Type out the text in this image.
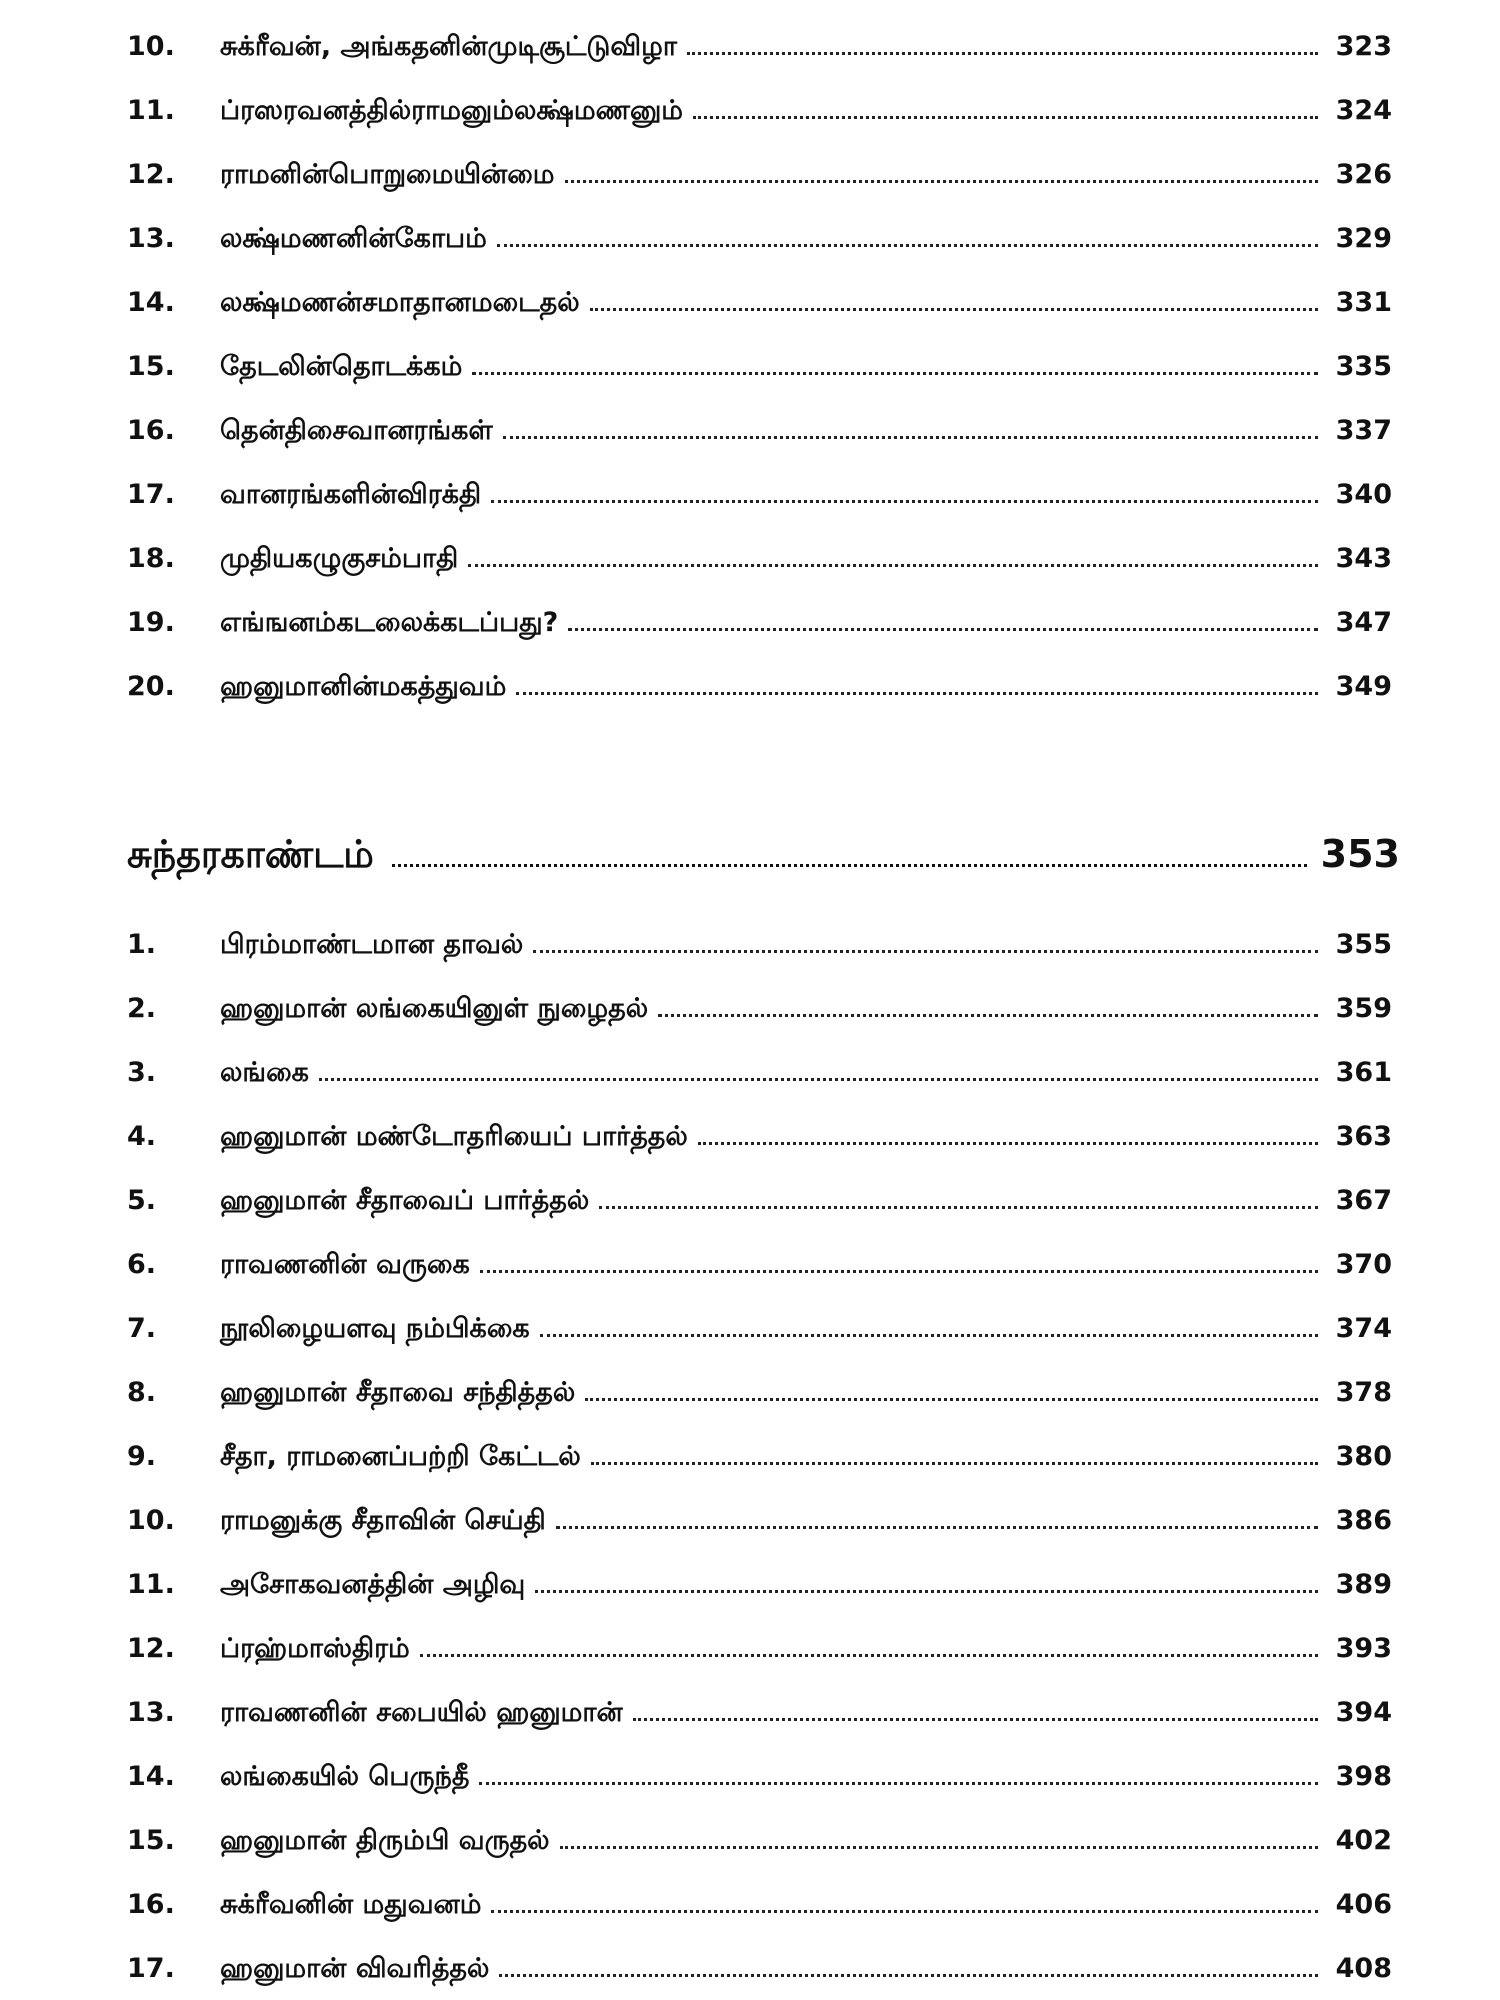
10.	சுக்ரீவன், அங்கதனின்முடிசூட்டுவிழா	323
11.	ப்ரஸரவனத்தில்ராமனும்லக்ஷ்மணனும்	324
12.	ராமனின்பொறுமையின்மை	326
13.	லக்ஷ்மணனின்கோபம்	329
14.	லக்ஷ்மணன்சமாதானமடைதல்	331
15.	தேடலின்தொடக்கம்	335
16.	தென்திசைவானரங்கள்	337
17.	வானரங்களின்விரக்தி	340
18.	முதியகழுகுசம்பாதி	343
19.	எங்ஙனம்கடலைக்கடப்பது?	347
20.	ஹனுமானின்மகத்துவம்	349
சுந்தரகாண்டம்	353
1.	பிரம்மாண்டமான தாவல்	355
2.	ஹனுமான் லங்கையினுள் நுழைதல்	359
3.	லங்கை	361
4.	ஹனுமான் மண்டோதரியைப் பார்த்தல்	363
5.	ஹனுமான் சீதாவைப் பார்த்தல்	367
6.	ராவணனின் வருகை	370
7.	நூலிழையளவு நம்பிக்கை	374
8.	ஹனுமான் சீதாவை சந்தித்தல்	378
9.	சீதா, ராமனைப்பற்றி கேட்டல்	380
10.	ராமனுக்கு சீதாவின் செய்தி	386
11.	அசோகவனத்தின் அழிவு	389
12.	ப்ரஹ்மாஸ்திரம்	393
13.	ராவணனின் சபையில் ஹனுமான்	394
14.	லங்கையில் பெருந்தீ	398
15.	ஹனுமான் திரும்பி வருதல்	402
16.	சுக்ரீவனின் மதுவனம்	406
17.	ஹனுமான் விவரித்தல்	408
